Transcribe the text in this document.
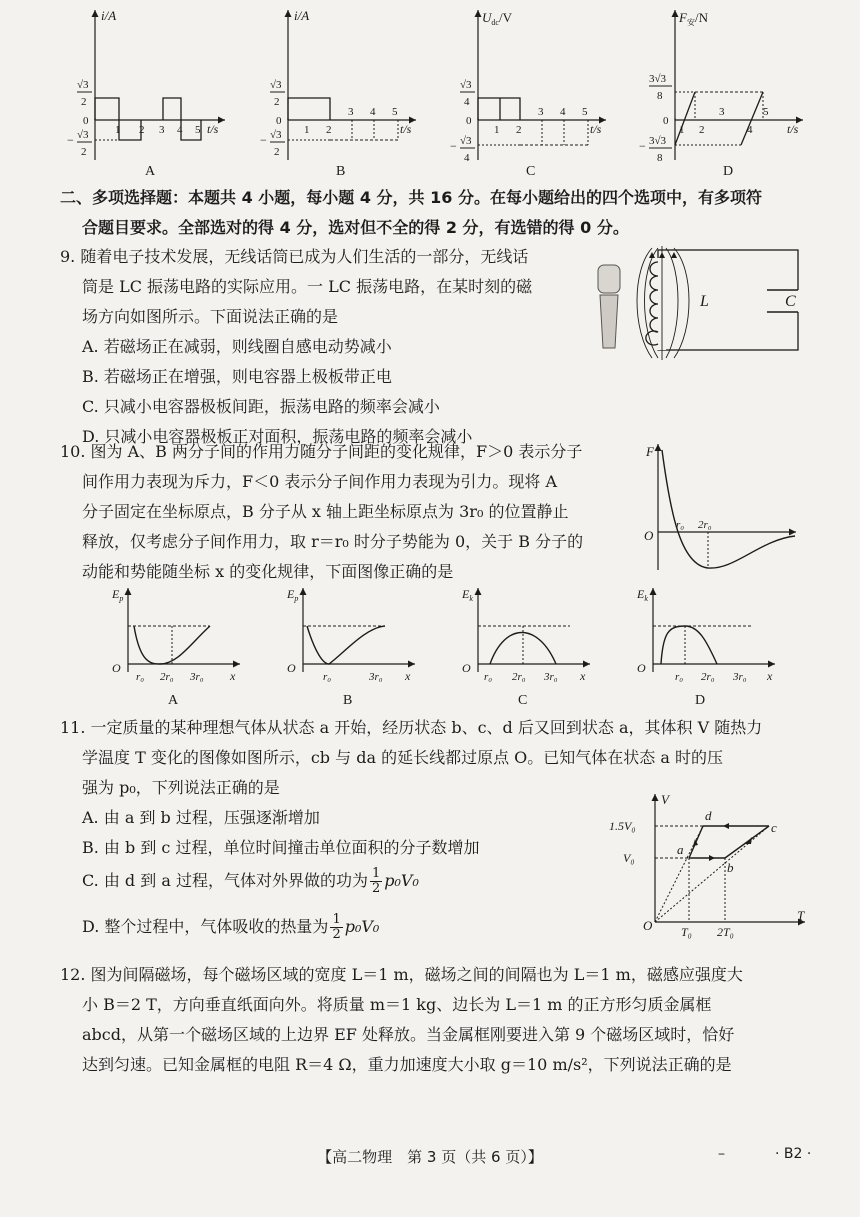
i/A
√3
2
0
− √3
2
1 2 3 4 5 t/s
A
i/A
√3
2
0
− √3
2
1 2
3 4 5
t/s
B
$U_{dc}/V$
√3
4
0
− √3
4
1 2
3 4 5
t/s
C
$F_安/N$
3√3
8
0
− 3√3
8
1 2
3
4
5
t/s
D
二、多项选择题：本题共 4 小题，每小题 4 分，共 16 分。在每小题给出的四个选项中，有多项符
合题目要求。全部选对的得 4 分，选对但不全的得 2 分，有选错的得 0 分。
9. 随着电子技术发展，无线话筒已成为人们生活的一部分，无线话
筒是 LC 振荡电路的实际应用。一 LC 振荡电路，在某时刻的磁
场方向如图所示。下面说法正确的是
A. 若磁场正在减弱，则线圈自感电动势减小
B. 若磁场正在增强，则电容器上极板带正电
C. 只减小电容器极板间距，振荡电路的频率会减小
D. 只减小电容器极板正对面积，振荡电路的频率会减小
L	C
10. 图为 A、B 两分子间的作用力随分子间距的变化规律，F＞0 表示分子
间作用力表现为斥力，F＜0 表示分子间作用力表现为引力。现将 A
分子固定在坐标原点，B 分子从 x 轴上距坐标原点为 3r₀ 的位置静止
释放，仅考虑分子间作用力，取 r＝r₀ 时分子势能为 0，关于 B 分子的
动能和势能随坐标 x 的变化规律，下面图像正确的是
F
O
r₀ 2r₀
$E_p$
O
r₀ 2r₀ 3r₀ x
A
$E_p$
O
r₀	3r₀ x
B
$E_k$
O
r₀ 2r₀ 3r₀ x
C
$E_k$
O
r₀ 2r₀ 3r₀ x
D
11. 一定质量的某种理想气体从状态 a 开始，经历状态 b、c、d 后又回到状态 a，其体积 V 随热力
学温度 T 变化的图像如图所示，cb 与 da 的延长线都过原点 O。已知气体在状态 a 时的压
强为 p₀，下列说法正确的是
A. 由 a 到 b 过程，压强逐渐增加
B. 由 b 到 c 过程，单位时间撞击单位面积的分子数增加
C. 由 d 到 a 过程，气体对外界做的功为 $\frac{1}{2} p_0V_0$
D. 整个过程中，气体吸收的热量为 $\frac{1}{2} p_0V_0$
V
T
O
1.5V₀
V₀
T₀ 2T₀
a
b
c
d
12. 图为间隔磁场，每个磁场区域的宽度 L＝1 m，磁场之间的间隔也为 L＝1 m，磁感应强度大
小 B＝2 T，方向垂直纸面向外。将质量 m＝1 kg、边长为 L＝1 m 的正方形匀质金属框
abcd，从第一个磁场区域的上边界 EF 处释放。当金属框刚要进入第 9 个磁场区域时，恰好
达到匀速。已知金属框的电阻 R＝4 Ω，重力加速度大小取 g＝10 m/s²，下列说法正确的是
【高二物理　第 3 页（共 6 页）】	–	· B2 ·
